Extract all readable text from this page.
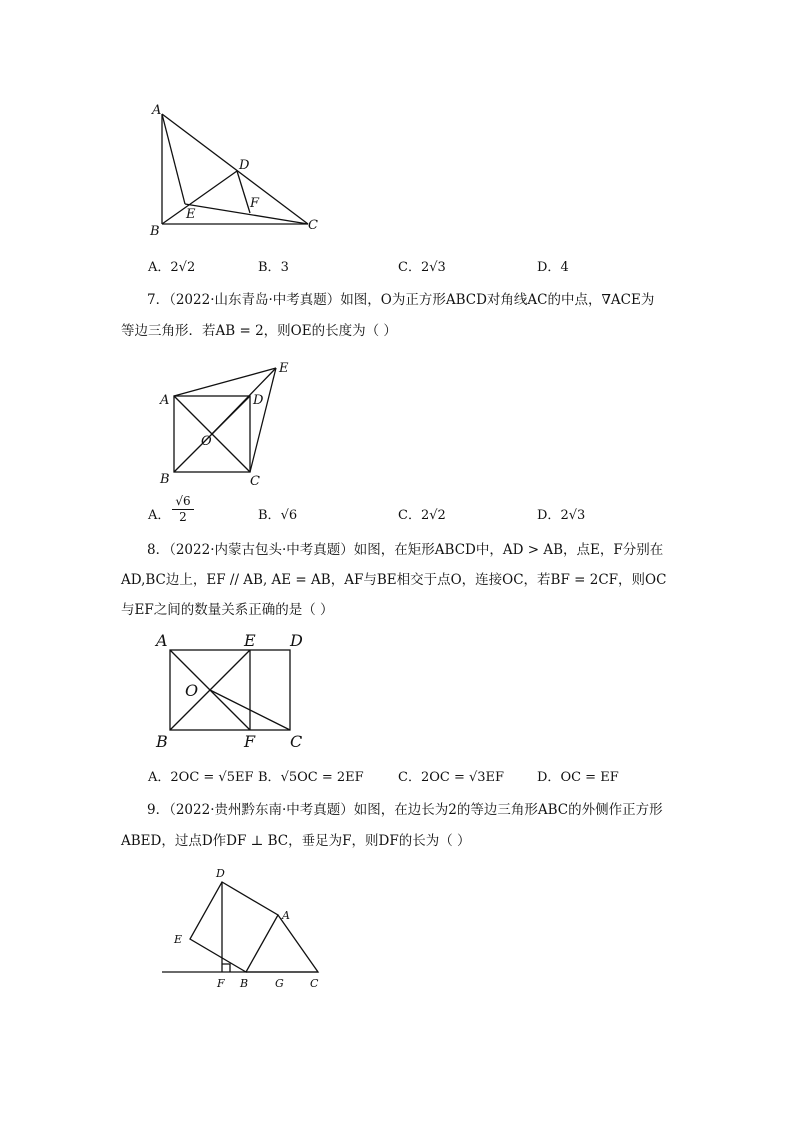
A
B	C
D
E
F
A．2√2	B．3	C．2√3	D．4
7．（2022·山东青岛·中考真题）如图，O为正方形ABCD对角线AC的中点，∇ACE为
等边三角形．若AB = 2，则OE的长度为（ ）
A
B	C
D
E
O
A． $\frac{√6}{2}$	B．√6	C．2√2	D．2√3
8．（2022·内蒙古包头·中考真题）如图，在矩形ABCD中，AD > AB，点E，F分别在
AD,BC边上，EF // AB, AE = AB，AF与BE相交于点O，连接OC，若BF = 2CF，则OC
与EF之间的数量关系正确的是（ ）
A	E D
O
B	F C
A．2OC = √5EF B．√5OC = 2EF	C．2OC = √3EF	D．OC = EF
9．（2022·贵州黔东南·中考真题）如图，在边长为2的等边三角形ABC的外侧作正方形
ABED，过点D作DF ⊥ BC，垂足为F，则DF的长为（ ）
D
A
E
F B G C
